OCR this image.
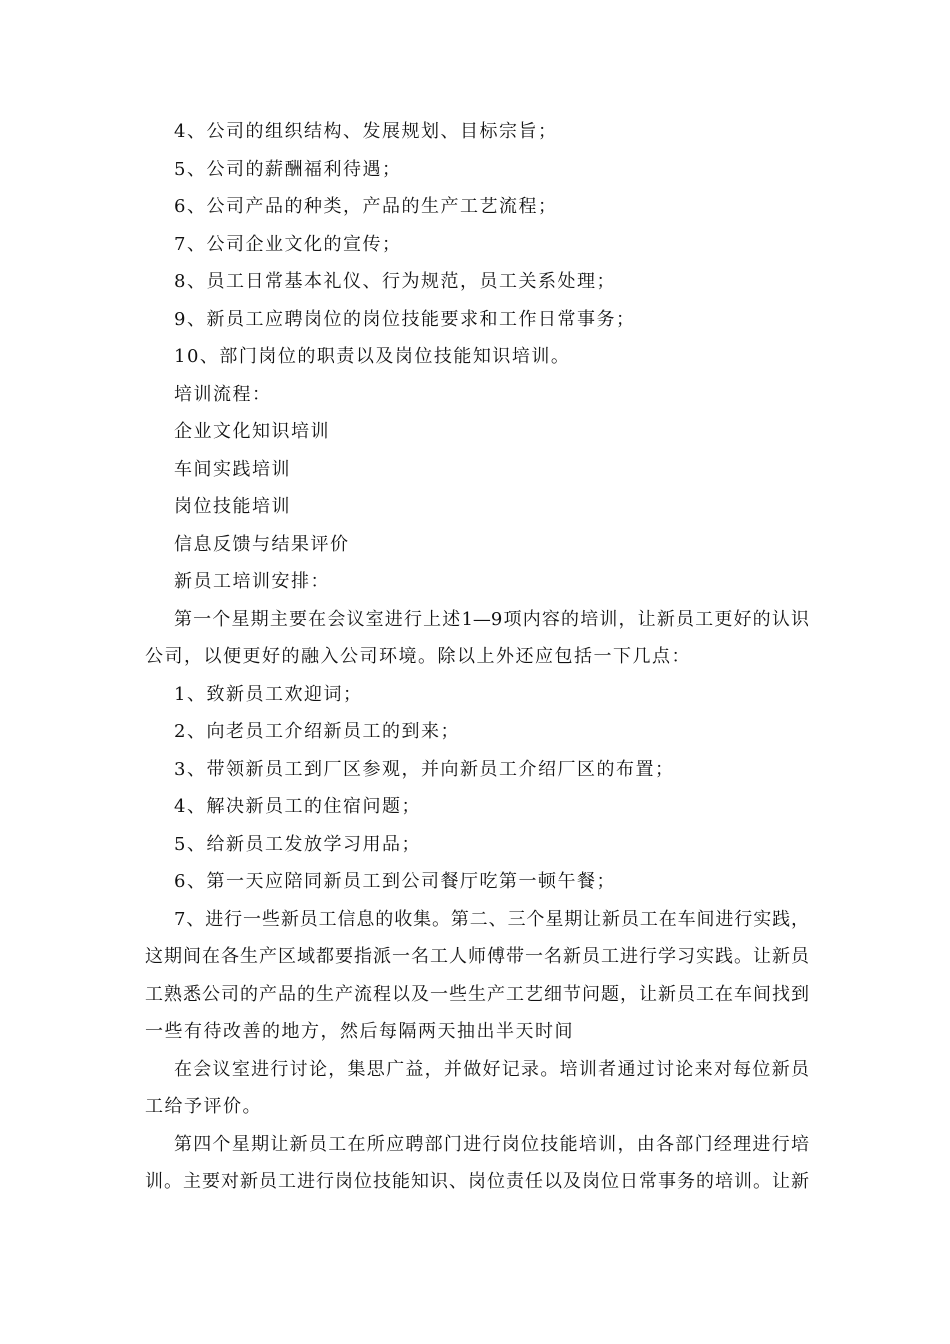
4、公司的组织结构、发展规划、目标宗旨；

5、公司的薪酬福利待遇；

6、公司产品的种类，产品的生产工艺流程；

7、公司企业文化的宣传；

8、员工日常基本礼仪、行为规范，员工关系处理；

9、新员工应聘岗位的岗位技能要求和工作日常事务；

10、部门岗位的职责以及岗位技能知识培训。

培训流程：

企业文化知识培训

车间实践培训

岗位技能培训

信息反馈与结果评价

新员工培训安排：

第一个星期主要在会议室进行上述1—9项内容的培训，让新员工更好的认识

公司，以便更好的融入公司环境。除以上外还应包括一下几点：

1、致新员工欢迎词；

2、向老员工介绍新员工的到来；

3、带领新员工到厂区参观，并向新员工介绍厂区的布置；

4、解决新员工的住宿问题；

5、给新员工发放学习用品；

6、第一天应陪同新员工到公司餐厅吃第一顿午餐；

7、进行一些新员工信息的收集。第二、三个星期让新员工在车间进行实践，

这期间在各生产区域都要指派一名工人师傅带一名新员工进行学习实践。让新员

工熟悉公司的产品的生产流程以及一些生产工艺细节问题，让新员工在车间找到

一些有待改善的地方，然后每隔两天抽出半天时间

在会议室进行讨论，集思广益，并做好记录。培训者通过讨论来对每位新员

工给予评价。

第四个星期让新员工在所应聘部门进行岗位技能培训，由各部门经理进行培

训。主要对新员工进行岗位技能知识、岗位责任以及岗位日常事务的培训。让新
